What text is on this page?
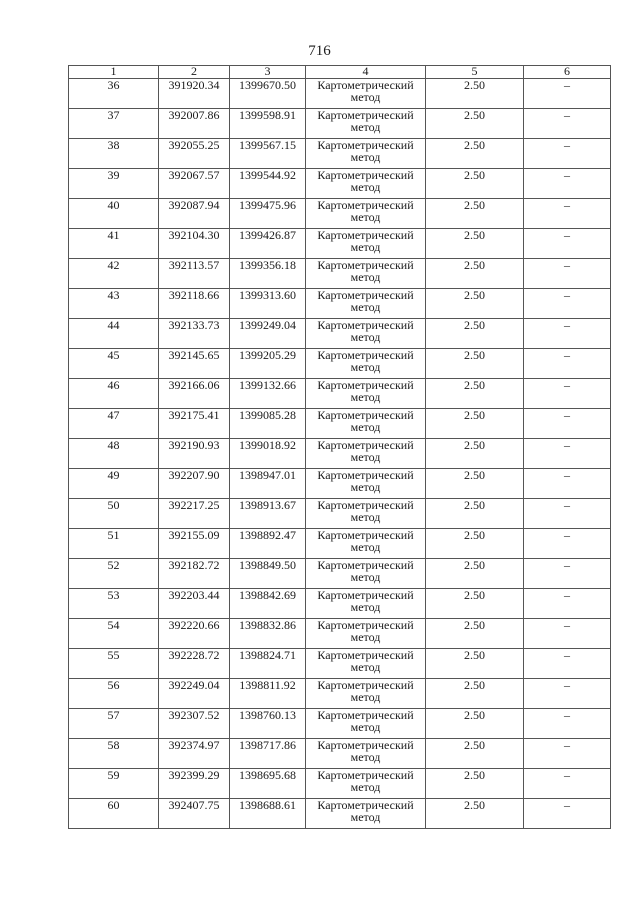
716
1	2	3	4	5	6
36	391920.34	1399670.50	Картометрический метод	2.50	–
37	392007.86	1399598.91	Картометрический метод	2.50	–
38	392055.25	1399567.15	Картометрический метод	2.50	–
39	392067.57	1399544.92	Картометрический метод	2.50	–
40	392087.94	1399475.96	Картометрический метод	2.50	–
41	392104.30	1399426.87	Картометрический метод	2.50	–
42	392113.57	1399356.18	Картометрический метод	2.50	–
43	392118.66	1399313.60	Картометрический метод	2.50	–
44	392133.73	1399249.04	Картометрический метод	2.50	–
45	392145.65	1399205.29	Картометрический метод	2.50	–
46	392166.06	1399132.66	Картометрический метод	2.50	–
47	392175.41	1399085.28	Картометрический метод	2.50	–
48	392190.93	1399018.92	Картометрический метод	2.50	–
49	392207.90	1398947.01	Картометрический метод	2.50	–
50	392217.25	1398913.67	Картометрический метод	2.50	–
51	392155.09	1398892.47	Картометрический метод	2.50	–
52	392182.72	1398849.50	Картометрический метод	2.50	–
53	392203.44	1398842.69	Картометрический метод	2.50	–
54	392220.66	1398832.86	Картометрический метод	2.50	–
55	392228.72	1398824.71	Картометрический метод	2.50	–
56	392249.04	1398811.92	Картометрический метод	2.50	–
57	392307.52	1398760.13	Картометрический метод	2.50	–
58	392374.97	1398717.86	Картометрический метод	2.50	–
59	392399.29	1398695.68	Картометрический метод	2.50	–
60	392407.75	1398688.61	Картометрический метод	2.50	–
